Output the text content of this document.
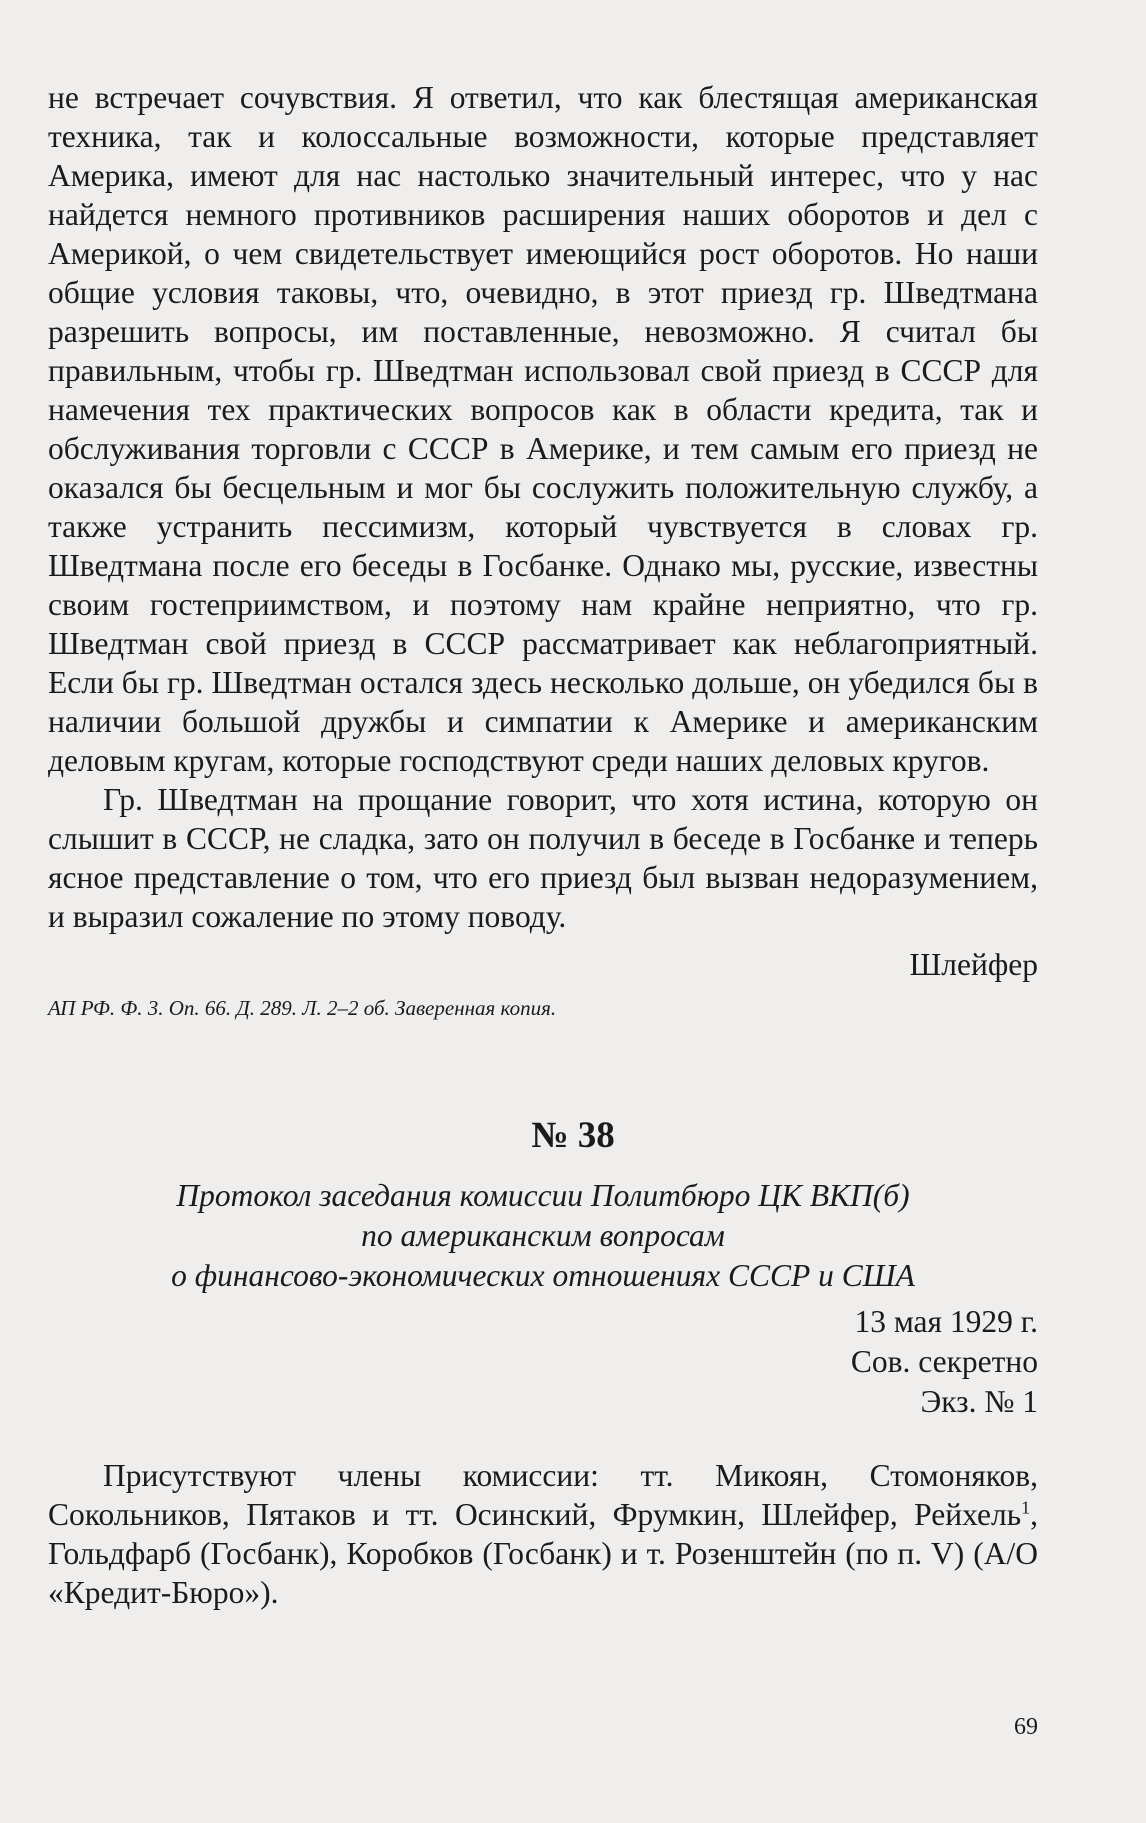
не встречает сочувствия. Я ответил, что как блестящая американская техника, так и колоссальные возможности, которые представляет Америка, имеют для нас настолько значительный интерес, что у нас найдется немного противников расширения наших оборотов и дел с Америкой, о чем свидетельствует имеющийся рост оборотов. Но наши общие условия таковы, что, очевидно, в этот приезд гр. Шведтмана разрешить вопросы, им поставленные, невозможно. Я считал бы правильным, чтобы гр. Шведтман использовал свой приезд в СССР для намечения тех практических вопросов как в области кредита, так и обслуживания торговли с СССР в Америке, и тем самым его приезд не оказался бы бесцельным и мог бы сослужить положительную службу, а также устранить пессимизм, который чувствуется в словах гр. Шведтмана после его беседы в Госбанке. Однако мы, русские, известны своим гостеприимством, и поэтому нам крайне неприятно, что гр. Шведтман свой приезд в СССР рассматривает как неблагоприятный. Если бы гр. Шведтман остался здесь несколько дольше, он убедился бы в наличии большой дружбы и симпатии к Америке и американским деловым кругам, которые господствуют среди наших деловых кругов.

Гр. Шведтман на прощание говорит, что хотя истина, которую он слышит в СССР, не сладка, зато он получил в беседе в Госбанке и теперь ясное представление о том, что его приезд был вызван недоразумением, и выразил сожаление по этому поводу.

Шлейфер

АП РФ. Ф. 3. Оп. 66. Д. 289. Л. 2–2 об. Заверенная копия.

№ 38
Протокол заседания комиссии Политбюро ЦК ВКП(б)
по американским вопросам
о финансово-экономических отношениях СССР и США
13 мая 1929 г.
Сов. секретно
Экз. № 1

Присутствуют члены комиссии: тт. Микоян, Стомоняков, Сокольников, Пятаков и тт. Осинский, Фрумкин, Шлейфер, Рейхель$^1$, Гольдфарб (Госбанк), Коробков (Госбанк) и т. Розенштейн (по п. V) (А/О «Кредит-Бюро»).

69
